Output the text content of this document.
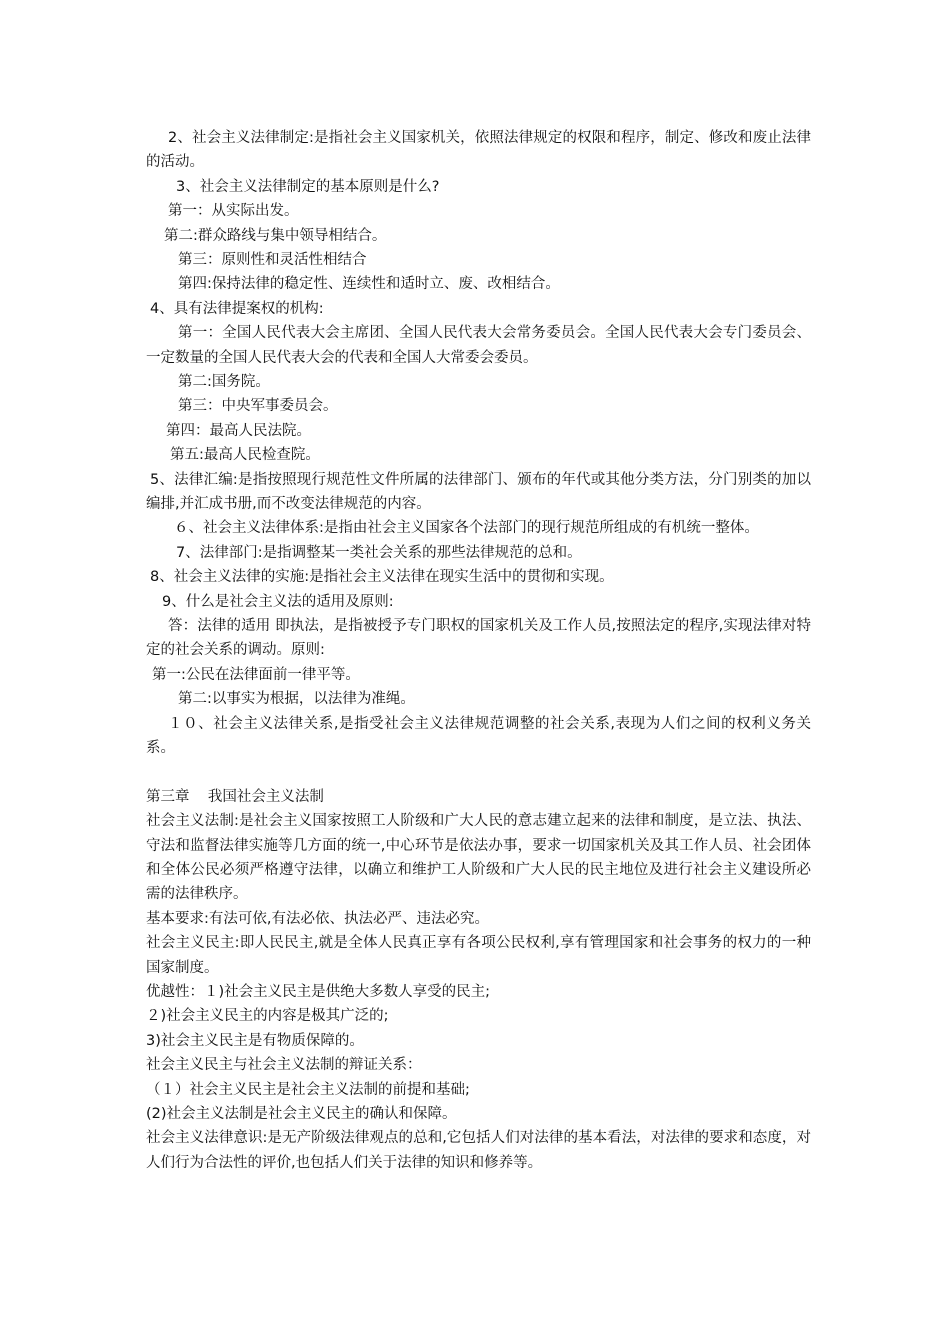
2、社会主义法律制定:是指社会主义国家机关，依照法律规定的权限和程序，制定、修改和废止法律的活动。
3、社会主义法律制定的基本原则是什么?
第一：从实际出发。
第二:群众路线与集中领导相结合。
第三：原则性和灵活性相结合
第四:保持法律的稳定性、连续性和适时立、废、改相结合。
4、具有法律提案权的机构:
第一：全国人民代表大会主席团、全国人民代表大会常务委员会。全国人民代表大会专门委员会、一定数量的全国人民代表大会的代表和全国人大常委会委员。
第二:国务院。
第三：中央军事委员会。
第四：最高人民法院。
第五:最高人民检查院。
5、法律汇编:是指按照现行规范性文件所属的法律部门、颁布的年代或其他分类方法，分门别类的加以编排,并汇成书册,而不改变法律规范的内容。
６、社会主义法律体系:是指由社会主义国家各个法部门的现行规范所组成的有机统一整体。
7、法律部门:是指调整某一类社会关系的那些法律规范的总和。
8、社会主义法律的实施:是指社会主义法律在现实生活中的贯彻和实现。
9、什么是社会主义法的适用及原则:
答：法律的适用 即执法，是指被授予专门职权的国家机关及工作人员,按照法定的程序,实现法律对特定的社会关系的调动。原则:
第一:公民在法律面前一律平等。
第二:以事实为根据，以法律为准绳。
１０、社会主义法律关系,是指受社会主义法律规范调整的社会关系,表现为人们之间的权利义务关系。
第三章    我国社会主义法制
社会主义法制:是社会主义国家按照工人阶级和广大人民的意志建立起来的法律和制度，是立法、执法、守法和监督法律实施等几方面的统一,中心环节是依法办事，要求一切国家机关及其工作人员、社会团体和全体公民必须严格遵守法律，以确立和维护工人阶级和广大人民的民主地位及进行社会主义建设所必需的法律秩序。
基本要求:有法可依,有法必依、执法必严、违法必究。
社会主义民主:即人民民主,就是全体人民真正享有各项公民权利,享有管理国家和社会事务的权力的一种国家制度。
优越性：１)社会主义民主是供绝大多数人享受的民主;
２)社会主义民主的内容是极其广泛的;
3)社会主义民主是有物质保障的。
社会主义民主与社会主义法制的辩证关系：
（１）社会主义民主是社会主义法制的前提和基础;
(2)社会主义法制是社会主义民主的确认和保障。
社会主义法律意识:是无产阶级法律观点的总和,它包括人们对法律的基本看法，对法律的要求和态度，对人们行为合法性的评价,也包括人们关于法律的知识和修养等。
